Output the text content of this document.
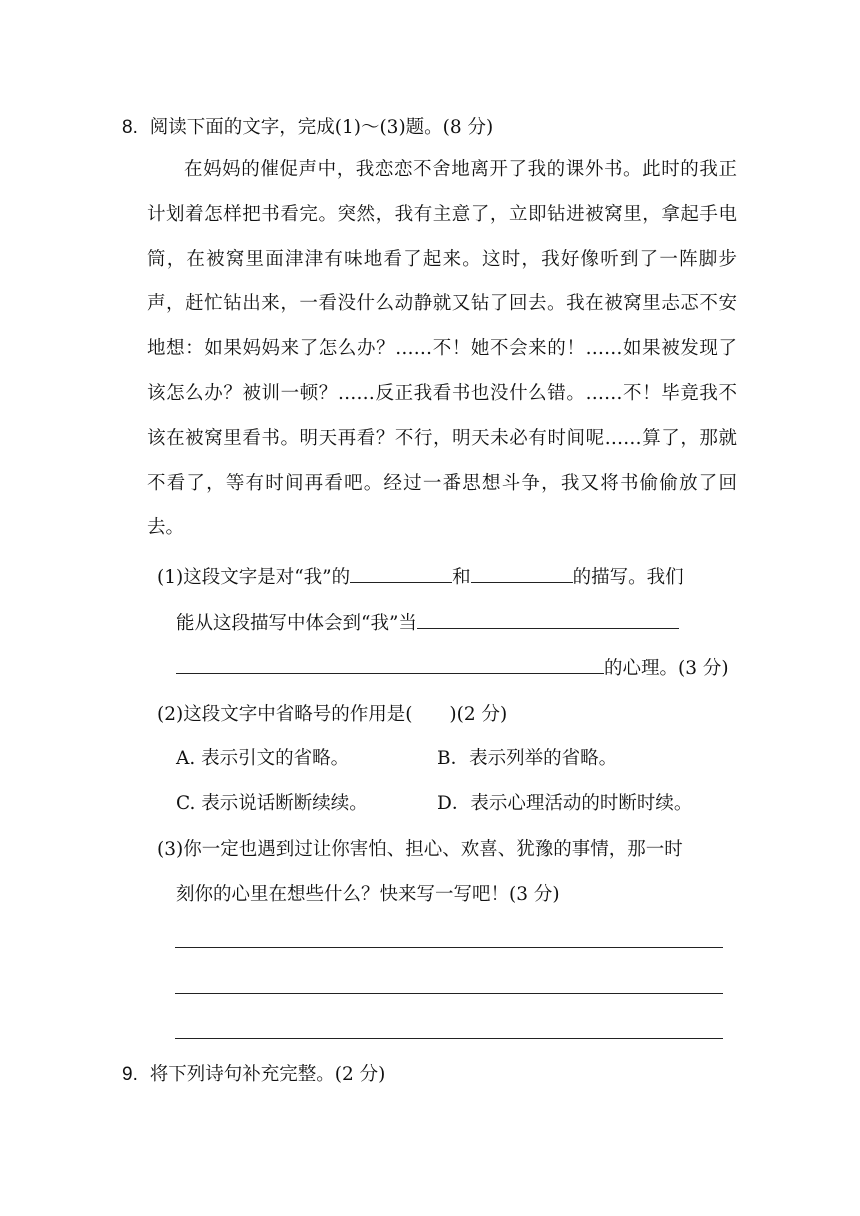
8. 阅读下面的文字，完成(1)～(3)题。(8 分)
在妈妈的催促声中，我恋恋不舍地离开了我的课外书。此时的我正计划着怎样把书看完。突然，我有主意了，立即钻进被窝里，拿起手电筒，在被窝里面津津有味地看了起来。这时，我好像听到了一阵脚步声，赶忙钻出来，一看没什么动静就又钻了回去。我在被窝里忐忑不安地想：如果妈妈来了怎么办？……不！她不会来的！……如果被发现了该怎么办？被训一顿？……反正我看书也没什么错。……不！毕竟我不该在被窝里看书。明天再看？不行，明天未必有时间呢……算了，那就不看了，等有时间再看吧。经过一番思想斗争，我又将书偷偷放了回去。
(1)这段文字是对“我”的	和	的描写。我们
能从这段描写中体会到“我”当
的心理。(3 分)
(2)这段文字中省略号的作用是(　　)(2 分)
A. 表示引文的省略。	B．表示列举的省略。
C. 表示说话断断续续。	D．表示心理活动的时断时续。
(3)你一定也遇到过让你害怕、担心、欢喜、犹豫的事情，那一时
刻你的心里在想些什么？快来写一写吧！(3 分)
9. 将下列诗句补充完整。(2 分)
